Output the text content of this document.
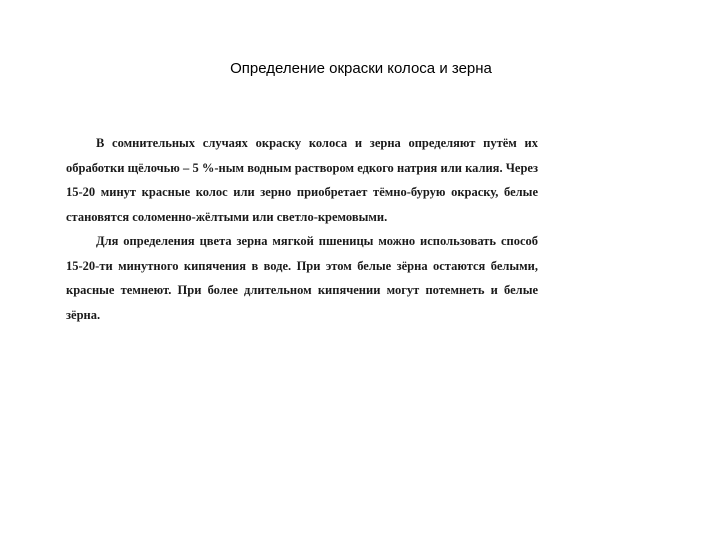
Определение окраски колоса и зерна

В сомнительных случаях окраску колоса и зерна определяют путём их обработки щёлочью – 5 %-ным водным раствором едкого натрия или калия. Через 15-20 минут красные колос или зерно приобретает тёмно-бурую окраску, белые становятся соломенно-жёлтыми или светло-кремовыми.

Для определения цвета зерна мягкой пшеницы можно использовать способ 15-20-ти минутного кипячения в воде. При этом белые зёрна остаются белыми, красные темнеют. При более длительном кипячении могут потемнеть и белые зёрна.
